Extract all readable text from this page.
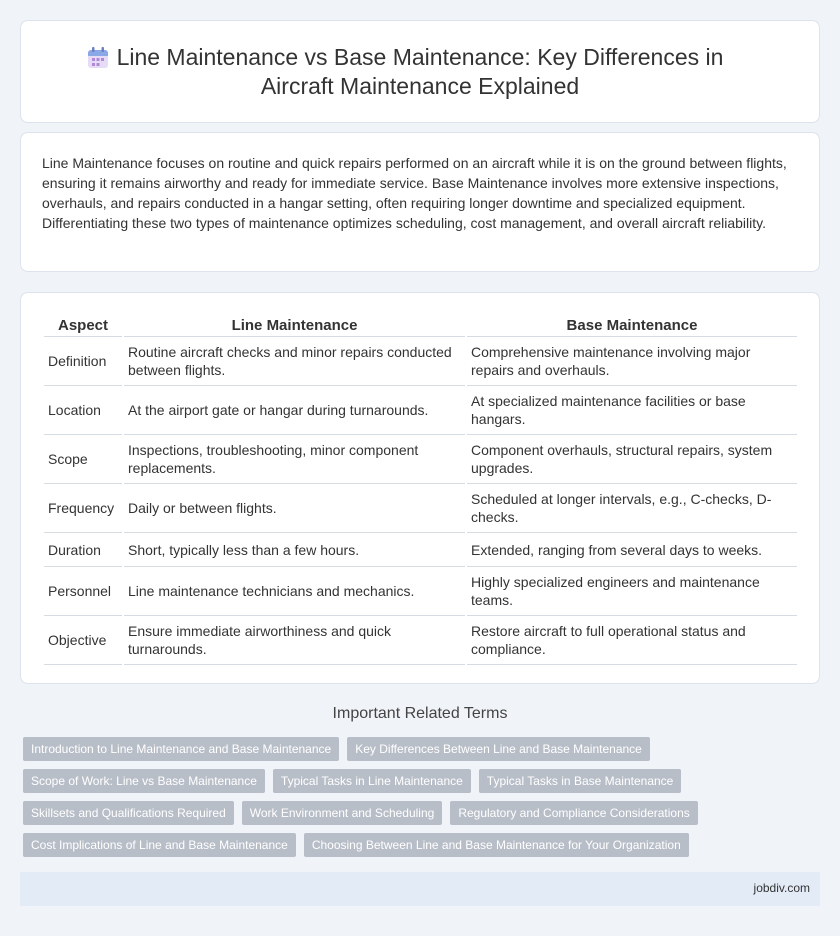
Line Maintenance vs Base Maintenance: Key Differences in Aircraft Maintenance Explained

Line Maintenance focuses on routine and quick repairs performed on an aircraft while it is on the ground between flights, ensuring it remains airworthy and ready for immediate service. Base Maintenance involves more extensive inspections, overhauls, and repairs conducted in a hangar setting, often requiring longer downtime and specialized equipment. Differentiating these two types of maintenance optimizes scheduling, cost management, and overall aircraft reliability.

Aspect	Line Maintenance	Base Maintenance
Definition	Routine aircraft checks and minor repairs conducted between flights.	Comprehensive maintenance involving major repairs and overhauls.
Location	At the airport gate or hangar during turnarounds.	At specialized maintenance facilities or base hangars.
Scope	Inspections, troubleshooting, minor component replacements.	Component overhauls, structural repairs, system upgrades.
Frequency	Daily or between flights.	Scheduled at longer intervals, e.g., C-checks, D-checks.
Duration	Short, typically less than a few hours.	Extended, ranging from several days to weeks.
Personnel	Line maintenance technicians and mechanics.	Highly specialized engineers and maintenance teams.
Objective	Ensure immediate airworthiness and quick turnarounds.	Restore aircraft to full operational status and compliance.
Important Related Terms
Introduction to Line Maintenance and Base Maintenance	Key Differences Between Line and Base Maintenance
Scope of Work: Line vs Base Maintenance	Typical Tasks in Line Maintenance	Typical Tasks in Base Maintenance
Skillsets and Qualifications Required	Work Environment and Scheduling	Regulatory and Compliance Considerations
Cost Implications of Line and Base Maintenance	Choosing Between Line and Base Maintenance for Your Organization
jobdiv.com
